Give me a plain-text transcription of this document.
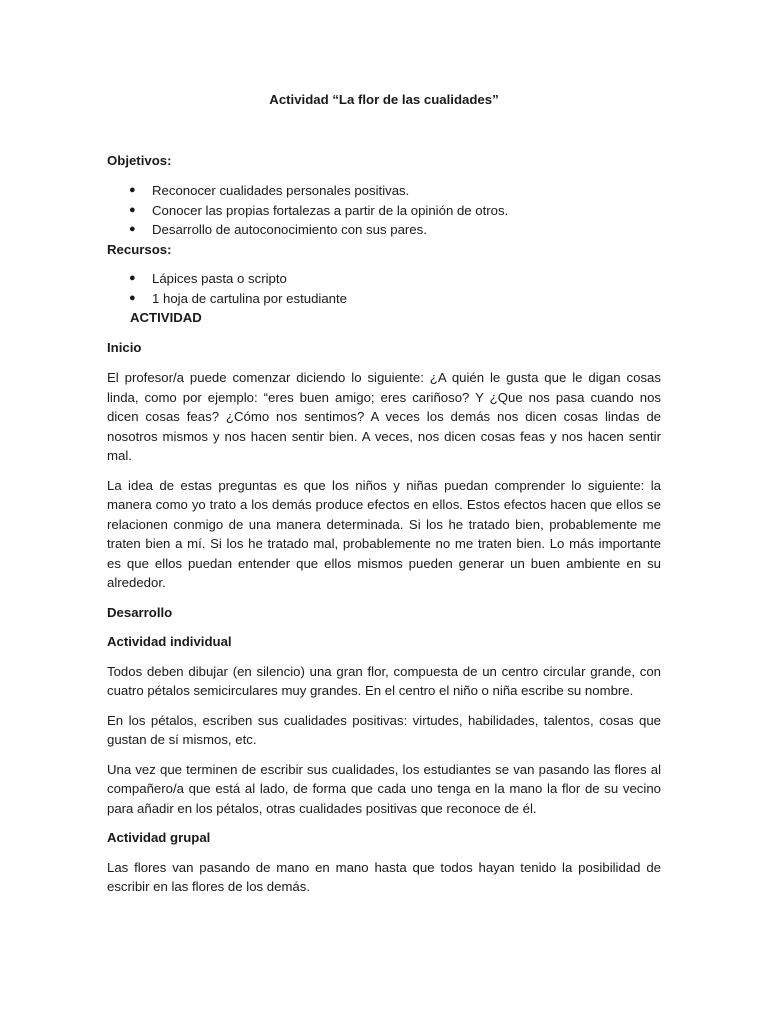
Actividad “La flor de las cualidades”

Objetivos:

● Reconocer cualidades personales positivas.
● Conocer las propias fortalezas a partir de la opinión de otros.
● Desarrollo de autoconocimiento con sus pares.

Recursos:

● Lápices pasta o scripto
● 1 hoja de cartulina por estudiante

ACTIVIDAD

Inicio

El profesor/a puede comenzar diciendo lo siguiente: ¿A quién le gusta que le digan cosas linda, como por ejemplo: “eres buen amigo; eres cariñoso? Y ¿Que nos pasa cuando nos dicen cosas feas? ¿Cómo nos sentimos? A veces los demás nos dicen cosas lindas de nosotros mismos y nos hacen sentir bien. A veces, nos dicen cosas feas y nos hacen sentir mal.

La idea de estas preguntas es que los niños y niñas puedan comprender lo siguiente: la manera como yo trato a los demás produce efectos en ellos. Estos efectos hacen que ellos se relacionen conmigo de una manera determinada. Si los he tratado bien, probablemente me traten bien a mí. Si los he tratado mal, probablemente no me traten bien. Lo más importante es que ellos puedan entender que ellos mismos pueden generar un buen ambiente en su alrededor.

Desarrollo

Actividad individual

Todos deben dibujar (en silencio) una gran flor, compuesta de un centro circular grande, con cuatro pétalos semicirculares muy grandes. En el centro el niño o niña escribe su nombre.

En los pétalos, escriben sus cualidades positivas: virtudes, habilidades, talentos, cosas que gustan de sí mismos, etc.

Una vez que terminen de escribir sus cualidades, los estudiantes se van pasando las flores al compañero/a que está al lado, de forma que cada uno tenga en la mano la flor de su vecino para añadir en los pétalos, otras cualidades positivas que reconoce de él.

Actividad grupal

Las flores van pasando de mano en mano hasta que todos hayan tenido la posibilidad de escribir en las flores de los demás.
